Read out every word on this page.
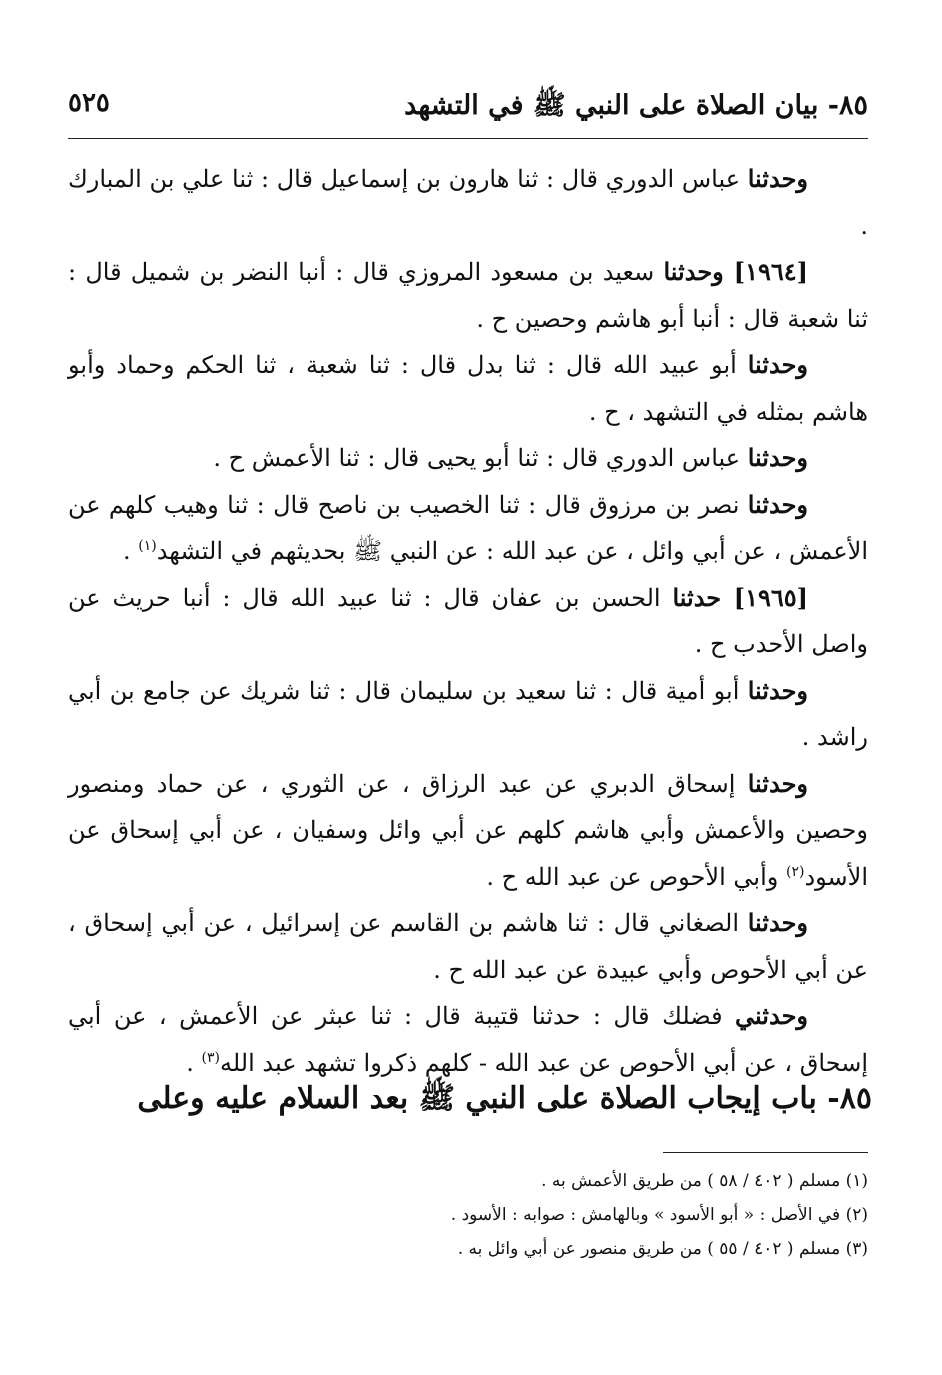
٨٥- بيان الصلاة على النبي ﷺ في التشهد
٥٢٥

وحدثنا عباس الدوري قال : ثنا هارون بن إسماعيل قال : ثنا علي بن المبارك .

[١٩٦٤] وحدثنا سعيد بن مسعود المروزي قال : أنبا النضر بن شميل قال : ثنا شعبة قال : أنبا أبو هاشم وحصين ح .

وحدثنا أبو عبيد الله قال : ثنا بدل قال : ثنا شعبة ، ثنا الحكم وحماد وأبو هاشم بمثله في التشهد ، ح .

وحدثنا عباس الدوري قال : ثنا أبو يحيى قال : ثنا الأعمش ح .

وحدثنا نصر بن مرزوق قال : ثنا الخصيب بن ناصح قال : ثنا وهيب كلهم عن الأعمش ، عن أبي وائل ، عن عبد الله : عن النبي ﷺ بحديثهم في التشهد$^{(١)}$ .

[١٩٦٥] حدثنا الحسن بن عفان قال : ثنا عبيد الله قال : أنبا حريث عن واصل الأحدب ح .

وحدثنا أبو أمية قال : ثنا سعيد بن سليمان قال : ثنا شريك عن جامع بن أبي راشد .

وحدثنا إسحاق الدبري عن عبد الرزاق ، عن الثوري ، عن حماد ومنصور وحصين والأعمش وأبي هاشم كلهم عن أبي وائل وسفيان ، عن أبي إسحاق عن الأسود$^{(٢)}$ وأبي الأحوص عن عبد الله ح .

وحدثنا الصغاني قال : ثنا هاشم بن القاسم عن إسرائيل ، عن أبي إسحاق ، عن أبي الأحوص وأبي عبيدة عن عبد الله ح .

وحدثني فضلك قال : حدثنا قتيبة قال : ثنا عبثر عن الأعمش ، عن أبي إسحاق ، عن أبي الأحوص عن عبد الله - كلهم ذكروا تشهد عبد الله$^{(٣)}$ .

٨٥- باب إيجاب الصلاة على النبي ﷺ بعد السلام عليه وعلى
(١) مسلم ( ٤٠٢ / ٥٨ ) من طريق الأعمش به .
(٢) في الأصل : « أبو الأسود » وبالهامش : صوابه : الأسود .
(٣) مسلم ( ٤٠٢ / ٥٥ ) من طريق منصور عن أبي وائل به .
